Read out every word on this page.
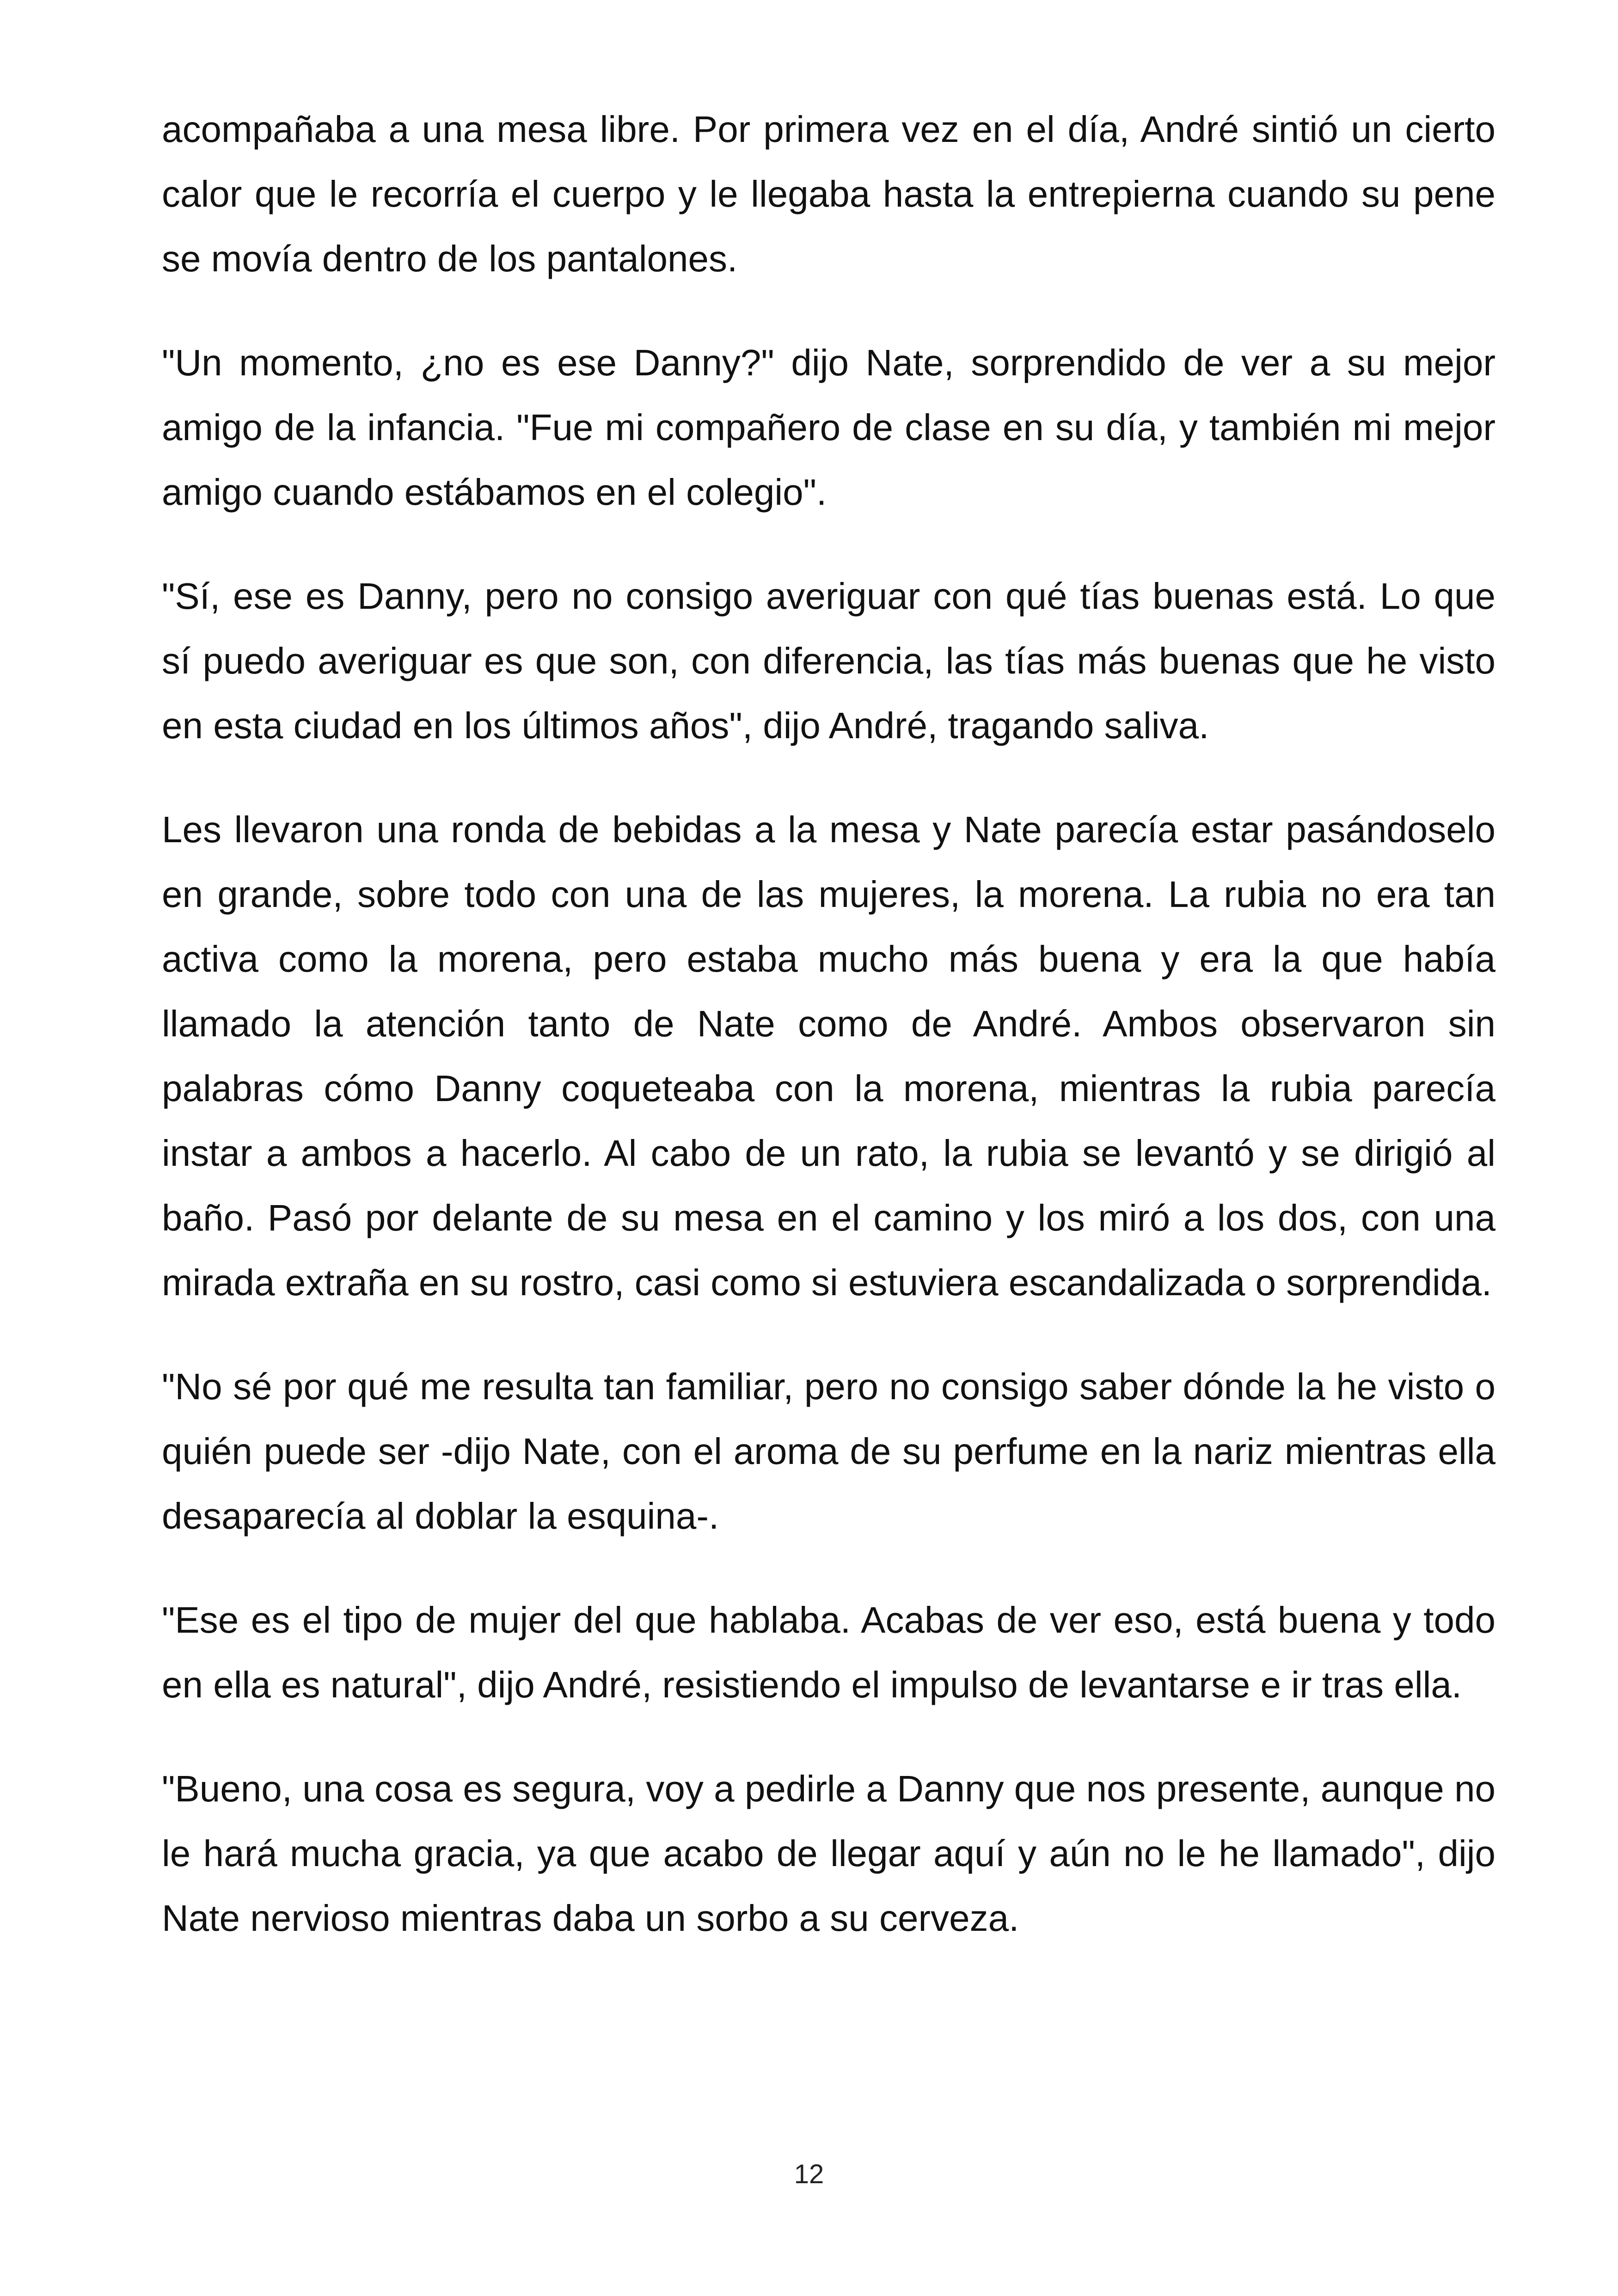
acompañaba a una mesa libre. Por primera vez en el día, André sintió un cierto calor que le recorría el cuerpo y le llegaba hasta la entrepierna cuando su pene se movía dentro de los pantalones.

"Un momento, ¿no es ese Danny?" dijo Nate, sorprendido de ver a su mejor amigo de la infancia. "Fue mi compañero de clase en su día, y también mi mejor amigo cuando estábamos en el colegio".

"Sí, ese es Danny, pero no consigo averiguar con qué tías buenas está. Lo que sí puedo averiguar es que son, con diferencia, las tías más buenas que he visto en esta ciudad en los últimos años", dijo André, tragando saliva.

Les llevaron una ronda de bebidas a la mesa y Nate parecía estar pasándoselo en grande, sobre todo con una de las mujeres, la morena. La rubia no era tan activa como la morena, pero estaba mucho más buena y era la que había llamado la atención tanto de Nate como de André. Ambos observaron sin palabras cómo Danny coqueteaba con la morena, mientras la rubia parecía instar a ambos a hacerlo. Al cabo de un rato, la rubia se levantó y se dirigió al baño. Pasó por delante de su mesa en el camino y los miró a los dos, con una mirada extraña en su rostro, casi como si estuviera escandalizada o sorprendida.

"No sé por qué me resulta tan familiar, pero no consigo saber dónde la he visto o quién puede ser -dijo Nate, con el aroma de su perfume en la nariz mientras ella desaparecía al doblar la esquina-.

"Ese es el tipo de mujer del que hablaba. Acabas de ver eso, está buena y todo en ella es natural", dijo André, resistiendo el impulso de levantarse e ir tras ella.

"Bueno, una cosa es segura, voy a pedirle a Danny que nos presente, aunque no le hará mucha gracia, ya que acabo de llegar aquí y aún no le he llamado", dijo Nate nervioso mientras daba un sorbo a su cerveza.

12
